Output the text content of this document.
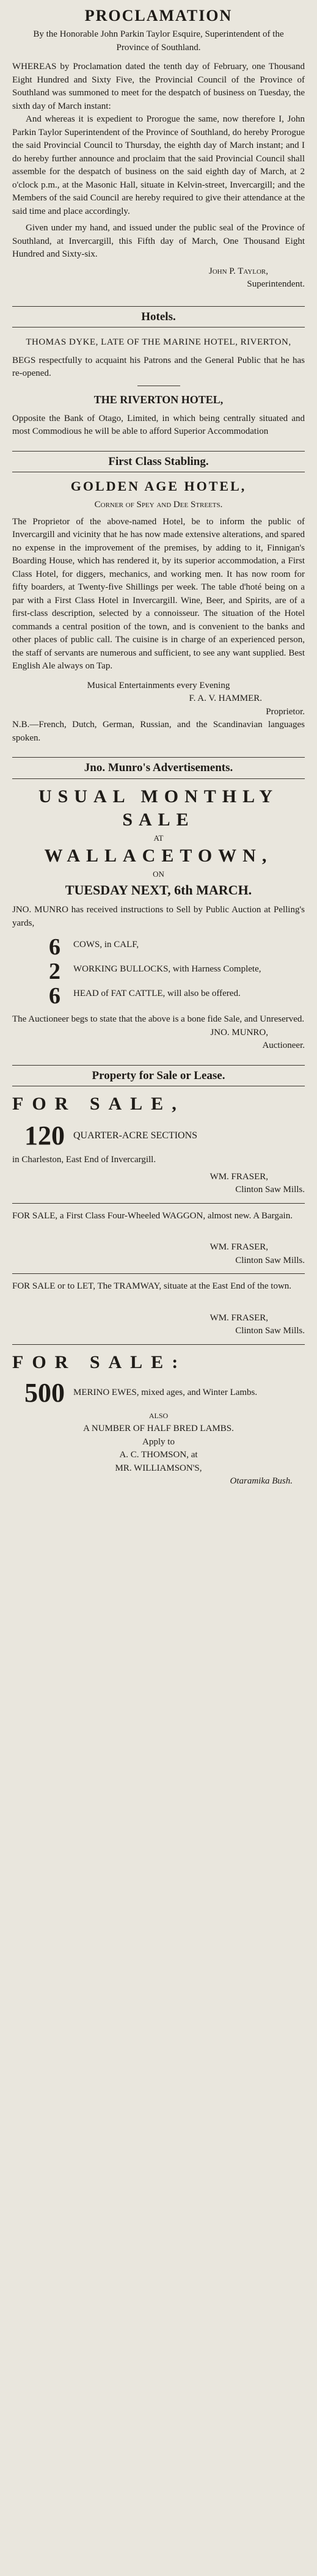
PROCLAMATION
By the Honorable John Parkin Taylor Esquire, Superintendent of the Province of Southland.

WHEREAS by Proclamation dated the tenth day of February, one Thousand Eight Hundred and Sixty Five, the Provincial Council of the Province of Southland was summoned to meet for the despatch of business on Tuesday, the sixth day of March instant:

And whereas it is expedient to Prorogue the same, now therefore I, John Parkin Taylor Superintendent of the Province of Southland, do hereby Prorogue the said Provincial Council to Thursday, the eighth day of March instant; and I do hereby further announce and proclaim that the said Provincial Council shall assemble for the despatch of business on the said eighth day of March, at 2 o'clock p.m., at the Masonic Hall, situate in Kelvin-street, Invercargill; and the Members of the said Council are hereby required to give their attendance at the said time and place accordingly.

Given under my hand, and issued under the public seal of the Province of Southland, at Invercargill, this Fifth day of March, One Thousand Eight Hundred and Sixty-six.

John P. Taylor,
Superintendent.
Hotels.
THOMAS DYKE, LATE OF THE MARINE HOTEL, RIVERTON,

BEGS respectfully to acquaint his Patrons and the General Public that he has re-opened.

THE RIVERTON HOTEL,

Opposite the Bank of Otago, Limited, in which being centrally situated and most Commodious he will be able to afford Superior Accommodation

First Class Stabling.
GOLDEN AGE HOTEL,
Corner of Spey and Dee Streets.

The Proprietor of the above-named Hotel, be to inform the public of Invercargill and vicinity that he has now made extensive alterations, and spared no expense in the improvement of the premises, by adding to it, Finnigan's Boarding House, which has rendered it, by its superior accommodation, a First Class Hotel, for diggers, mechanics, and working men. It has now room for fifty boarders, at Twenty-five Shillings per week. The table d'hoté being on a par with a First Class Hotel in Invercargill. Wine, Beer, and Spirits, are of a first-class description, selected by a connoisseur. The situation of the Hotel commands a central position of the town, and is convenient to the banks and other places of public call. The cuisine is in charge of an experienced person, the staff of servants are numerous and sufficient, to see any want supplied. Best English Ale always on Tap.

Musical Entertainments every Evening
F. A. V. HAMMER.
Proprietor.

N.B.—French, Dutch, German, Russian, and the Scandinavian languages spoken.

Jno. Munro's Advertisements.
USUAL MONTHLY SALE
AT
WALLACETOWN,
ON
TUESDAY NEXT, 6th MARCH.

JNO. MUNRO has received instructions to Sell by Public Auction at Pelling's yards,

6	COWS, in CALF,
2	WORKING BULLOCKS, with Harness Complete,
6	HEAD of FAT CATTLE, will also be offered.

The Auctioneer begs to state that the above is a bone fide Sale, and Unreserved.

JNO. MUNRO,
Auctioneer.
Property for Sale or Lease.
FOR SALE,
120 QUARTER-ACRE SECTIONS
in Charleston, East End of Invercargill.
WM. FRASER,
Clinton Saw Mills.

FOR SALE, a First Class Four-Wheeled WAGGON, almost new. A Bargain.

WM. FRASER,
Clinton Saw Mills.

FOR SALE or to LET, The TRAMWAY, situate at the East End of the town.

WM. FRASER,
Clinton Saw Mills.
FOR SALE:
500 MERINO EWES, mixed ages, and Winter Lambs.
ALSO
A NUMBER OF HALF BRED LAMBS.
Apply to
A. C. THOMSON, at
MR. WILLIAMSON'S,
Otaramika Bush.
